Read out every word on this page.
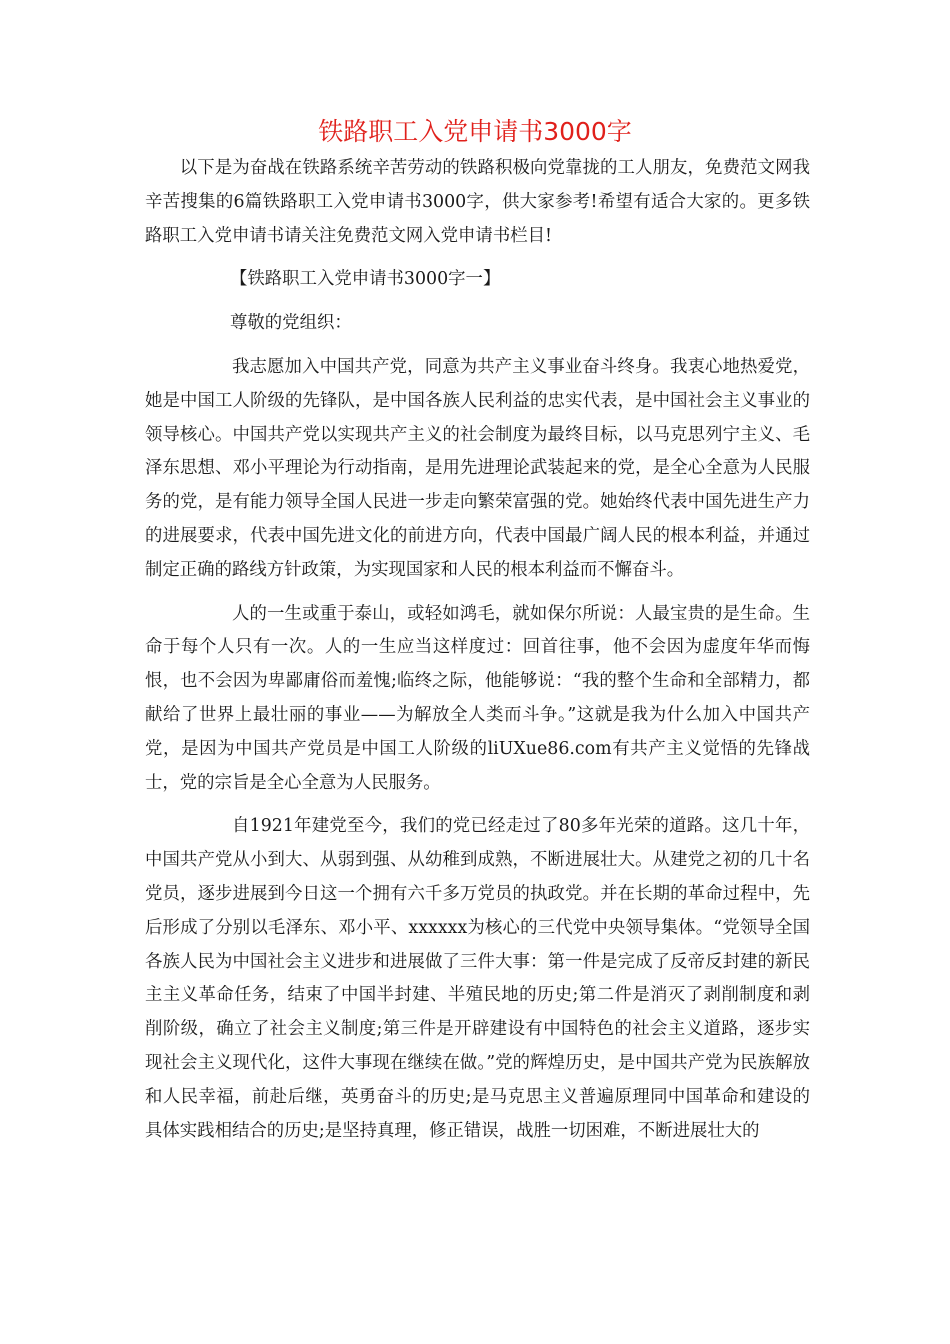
铁路职工入党申请书3000字

以下是为奋战在铁路系统辛苦劳动的铁路积极向党靠拢的工人朋友，免费范文网我辛苦搜集的6篇铁路职工入党申请书3000字，供大家参考!希望有适合大家的。更多铁路职工入党申请书请关注免费范文网入党申请书栏目!

【铁路职工入党申请书3000字一】

尊敬的党组织：

我志愿加入中国共产党，同意为共产主义事业奋斗终身。我衷心地热爱党，她是中国工人阶级的先锋队，是中国各族人民利益的忠实代表，是中国社会主义事业的领导核心。中国共产党以实现共产主义的社会制度为最终目标，以马克思列宁主义、毛泽东思想、邓小平理论为行动指南，是用先进理论武装起来的党，是全心全意为人民服务的党，是有能力领导全国人民进一步走向繁荣富强的党。她始终代表中国先进生产力的进展要求，代表中国先进文化的前进方向，代表中国最广阔人民的根本利益，并通过制定正确的路线方针政策，为实现国家和人民的根本利益而不懈奋斗。

人的一生或重于泰山，或轻如鸿毛，就如保尔所说：人最宝贵的是生命。生命于每个人只有一次。人的一生应当这样度过：回首往事，他不会因为虚度年华而悔恨，也不会因为卑鄙庸俗而羞愧;临终之际，他能够说：“我的整个生命和全部精力，都献给了世界上最壮丽的事业——为解放全人类而斗争。”这就是我为什么加入中国共产党，是因为中国共产党员是中国工人阶级的liUXue86.com有共产主义觉悟的先锋战士，党的宗旨是全心全意为人民服务。

自1921年建党至今，我们的党已经走过了80多年光荣的道路。这几十年，中国共产党从小到大、从弱到强、从幼稚到成熟，不断进展壮大。从建党之初的几十名党员，逐步进展到今日这一个拥有六千多万党员的执政党。并在长期的革命过程中，先后形成了分别以毛泽东、邓小平、xxxxxx为核心的三代党中央领导集体。“党领导全国各族人民为中国社会主义进步和进展做了三件大事：第一件是完成了反帝反封建的新民主主义革命任务，结束了中国半封建、半殖民地的历史;第二件是消灭了剥削制度和剥削阶级，确立了社会主义制度;第三件是开辟建设有中国特色的社会主义道路，逐步实现社会主义现代化，这件大事现在继续在做。”党的辉煌历史，是中国共产党为民族解放和人民幸福，前赴后继，英勇奋斗的历史;是马克思主义普遍原理同中国革命和建设的具体实践相结合的历史;是坚持真理，修正错误，战胜一切困难，不断进展壮大的
